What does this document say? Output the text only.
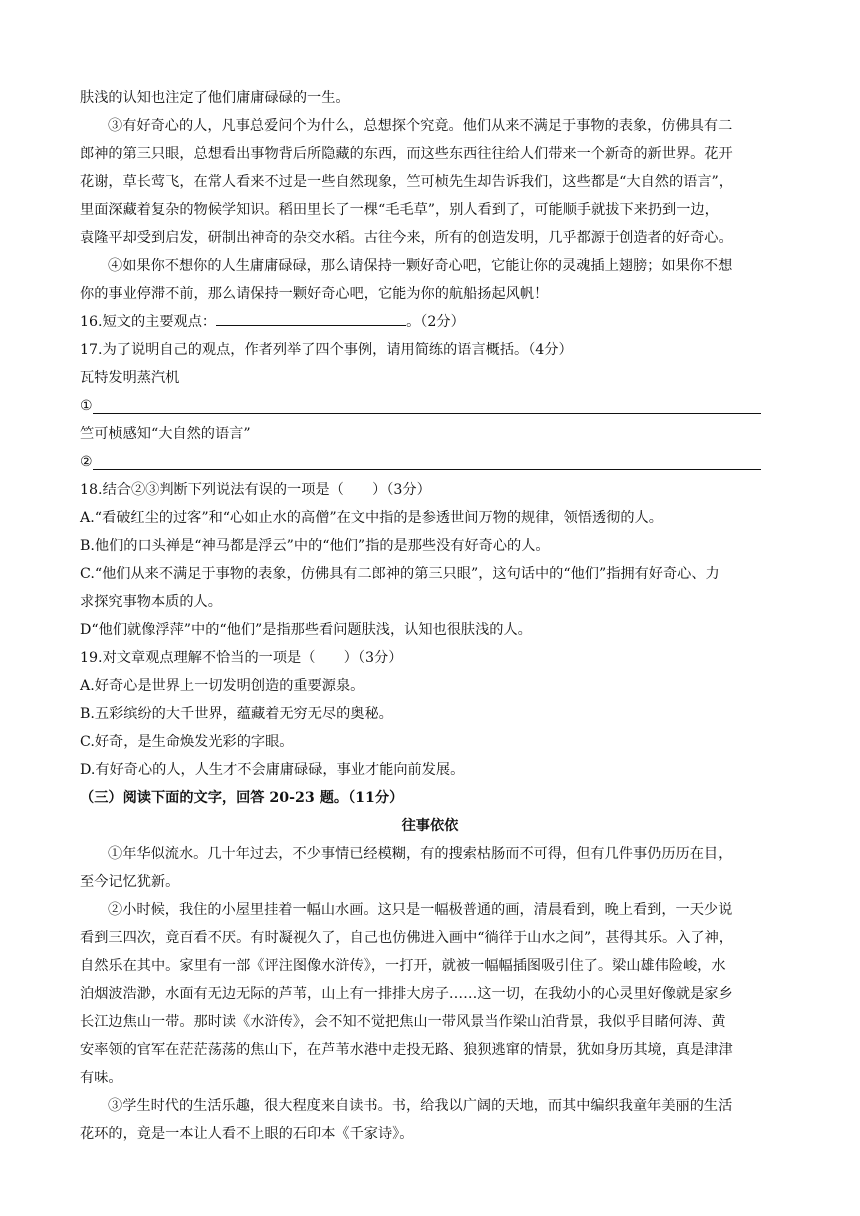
肤浅的认知也注定了他们庸庸碌碌的一生。
③有好奇心的人，凡事总爱问个为什么，总想探个究竟。他们从来不满足于事物的表象，仿佛具有二
郎神的第三只眼，总想看出事物背后所隐藏的东西，而这些东西往往给人们带来一个新奇的新世界。花开
花谢，草长莺飞，在常人看来不过是一些自然现象，竺可桢先生却告诉我们，这些都是“大自然的语言”，
里面深藏着复杂的物候学知识。稻田里长了一棵“毛毛草”，别人看到了，可能顺手就拔下来扔到一边，
袁隆平却受到启发，研制出神奇的杂交水稻。古往今来，所有的创造发明，几乎都源于创造者的好奇心。
④如果你不想你的人生庸庸碌碌，那么请保持一颗好奇心吧，它能让你的灵魂插上翅膀；如果你不想
你的事业停滞不前，那么请保持一颗好奇心吧，它能为你的航船扬起风帆！
16.短文的主要观点：	。（2分）
17.为了说明自己的观点，作者列举了四个事例，请用简练的语言概括。（4分）
瓦特发明蒸汽机
①
竺可桢感知“大自然的语言”
②
18.结合②③判断下列说法有误的一项是（　　）（3分）
A.“看破红尘的过客”和“心如止水的高僧”在文中指的是参透世间万物的规律，领悟透彻的人。
B.他们的口头禅是“神马都是浮云”中的“他们”指的是那些没有好奇心的人。
C.“他们从来不满足于事物的表象，仿佛具有二郎神的第三只眼”，这句话中的“他们”指拥有好奇心、力
求探究事物本质的人。
D“他们就像浮萍”中的“他们”是指那些看问题肤浅，认知也很肤浅的人。
19.对文章观点理解不恰当的一项是（　　）（3分）
A.好奇心是世界上一切发明创造的重要源泉。
B.五彩缤纷的大千世界，蕴藏着无穷无尽的奥秘。
C.好奇，是生命焕发光彩的字眼。
D.有好奇心的人，人生才不会庸庸碌碌，事业才能向前发展。
（三）阅读下面的文字，回答 20-23 题。（11分）
往事依依
①年华似流水。几十年过去，不少事情已经模糊，有的搜索枯肠而不可得，但有几件事仍历历在目，
至今记忆犹新。
②小时候，我住的小屋里挂着一幅山水画。这只是一幅极普通的画，清晨看到，晚上看到，一天少说
看到三四次，竟百看不厌。有时凝视久了，自己也仿佛进入画中“徜徉于山水之间”，甚得其乐。入了神，
自然乐在其中。家里有一部《评注图像水浒传》，一打开，就被一幅幅插图吸引住了。梁山雄伟险峻，水
泊烟波浩渺，水面有无边无际的芦苇，山上有一排排大房子……这一切，在我幼小的心灵里好像就是家乡
长江边焦山一带。那时读《水浒传》，会不知不觉把焦山一带风景当作梁山泊背景，我似乎目睹何涛、黄
安率领的官军在茫茫荡荡的焦山下，在芦苇水港中走投无路、狼狈逃窜的情景，犹如身历其境，真是津津
有味。
③学生时代的生活乐趣，很大程度来自读书。书，给我以广阔的天地，而其中编织我童年美丽的生活
花环的，竟是一本让人看不上眼的石印本《千家诗》。
